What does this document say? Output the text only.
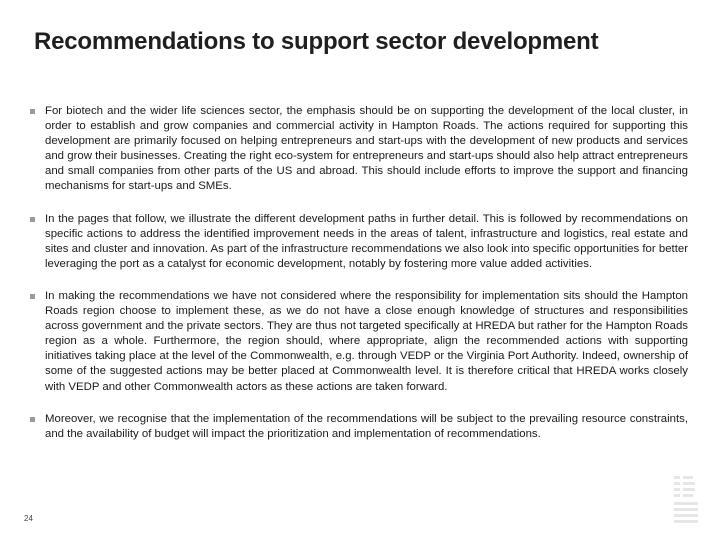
Recommendations to support sector development
For biotech and the wider life sciences sector, the emphasis should be on supporting the development of the local cluster, in order to establish and grow companies and commercial activity in Hampton Roads. The actions required for supporting this development are primarily focused on helping entrepreneurs and start-ups with the development of new products and services and grow their businesses. Creating the right eco-system for entrepreneurs and start-ups should also help attract entrepreneurs and small companies from other parts of the US and abroad. This should include efforts to improve the support and financing mechanisms for start-ups and SMEs.
In the pages that follow, we illustrate the different development paths in further detail. This is followed by recommendations on specific actions to address the identified improvement needs in the areas of talent, infrastructure and logistics, real estate and sites and cluster and innovation. As part of the infrastructure recommendations we also look into specific opportunities for better leveraging the port as a catalyst for economic development, notably by fostering more value added activities.
In making the recommendations we have not considered where the responsibility for implementation sits should the Hampton Roads region choose to implement these, as we do not have a close enough knowledge of structures and responsibilities across government and the private sectors. They are thus not targeted specifically at HREDA but rather for the Hampton Roads region as a whole. Furthermore, the region should, where appropriate, align the recommended actions with supporting initiatives taking place at the level of the Commonwealth, e.g. through VEDP or the Virginia Port Authority. Indeed, ownership of some of the suggested actions may be better placed at Commonwealth level. It is therefore critical that HREDA works closely with VEDP and other Commonwealth actors as these actions are taken forward.
Moreover, we recognise that the implementation of the recommendations will be subject to the prevailing resource constraints, and the availability of budget will impact the prioritization and implementation of recommendations.
24
